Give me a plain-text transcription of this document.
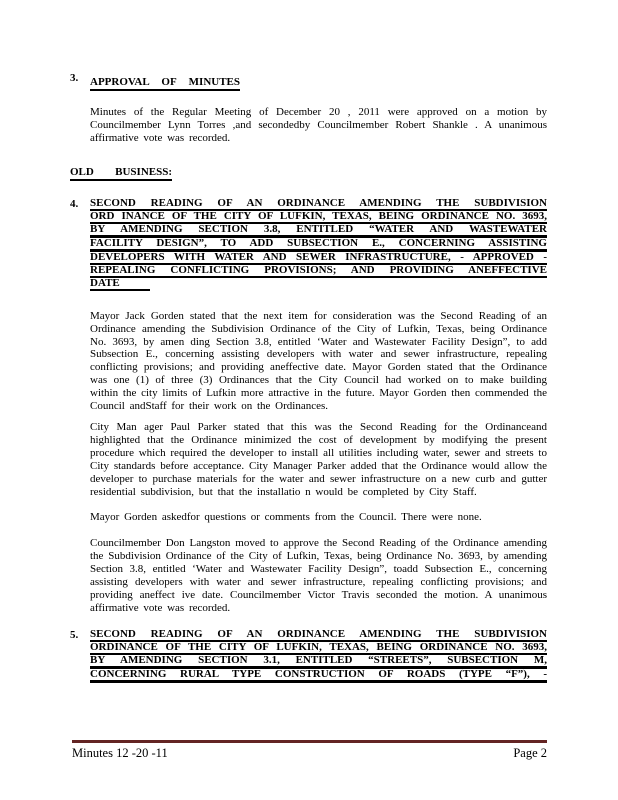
3.	APPROVAL OF MINUTES

Minutes of the Regular Meeting of December 20 , 2011 were approved on a motion by Councilmember Lynn Torres ,and secondedby Councilmember Robert Shankle . A unanimous affirmative vote was recorded.

OLD BUSINESS:
4.	SECOND READING OF AN ORDINANCE AMENDING THE SUBDIVISION
ORD INANCE OF THE CITY OF LUFKIN, TEXAS, BEING ORDINANCE NO. 3693,
BY AMENDING SECTION 3.8, ENTITLED “WATER AND WASTEWATER
FACILITY DESIGN”, TO ADD SUBSECTION E., CONCERNING ASSISTING
DEVELOPERS WITH WATER AND SEWER INFRASTRUCTURE, - APPROVED -
REPEALING CONFLICTING PROVISIONS; AND PROVIDING ANEFFECTIVE
DATE

Mayor Jack Gorden stated that the next item for consideration was the Second Reading of an Ordinance amending the Subdivision Ordinance of the City of Lufkin, Texas, being Ordinance No. 3693, by amen ding Section 3.8, entitled ‘Water and Wastewater Facility Design”, to add Subsection E., concerning assisting developers with water and sewer infrastructure, repealing conflicting provisions; and providing aneffective date. Mayor Gorden stated that the Ordinance was one (1) of three (3) Ordinances that the City Council had worked on to make building within the city limits of Lufkin more attractive in the future. Mayor Gorden then commended the Council andStaff for their work on the Ordinances.

City Man ager Paul Parker stated that this was the Second Reading for the Ordinanceand highlighted that the Ordinance minimized the cost of development by modifying the present procedure which required the developer to install all utilities including water, sewer and streets to City standards before acceptance. City Manager Parker added that the Ordinance would allow the developer to purchase materials for the water and sewer infrastructure on a new curb and gutter residential subdivision, but that the installatio n would be completed by City Staff.

Mayor Gorden askedfor questions or comments from the Council. There were none.

Councilmember Don Langston moved to approve the Second Reading of the Ordinance amending the Subdivision Ordinance of the City of Lufkin, Texas, being Ordinance No. 3693, by amending Section 3.8, entitled ‘Water and Wastewater Facility Design”, toadd Subsection E., concerning assisting developers with water and sewer infrastructure, repealing conflicting provisions; and providing aneffect ive date. Councilmember Victor Travis seconded the motion. A unanimous affirmative vote was recorded.

5.	SECOND READING OF AN ORDINANCE AMENDING THE SUBDIVISION
ORDINANCE OF THE CITY OF LUFKIN, TEXAS, BEING ORDINANCE NO. 3693,
BY AMENDING SECTION 3.1, ENTITLED “STREETS”, SUBSECTION M,
CONCERNING RURAL TYPE CONSTRUCTION OF ROADS (TYPE “F”), -
Minutes 12 -20 -11	Page 2
